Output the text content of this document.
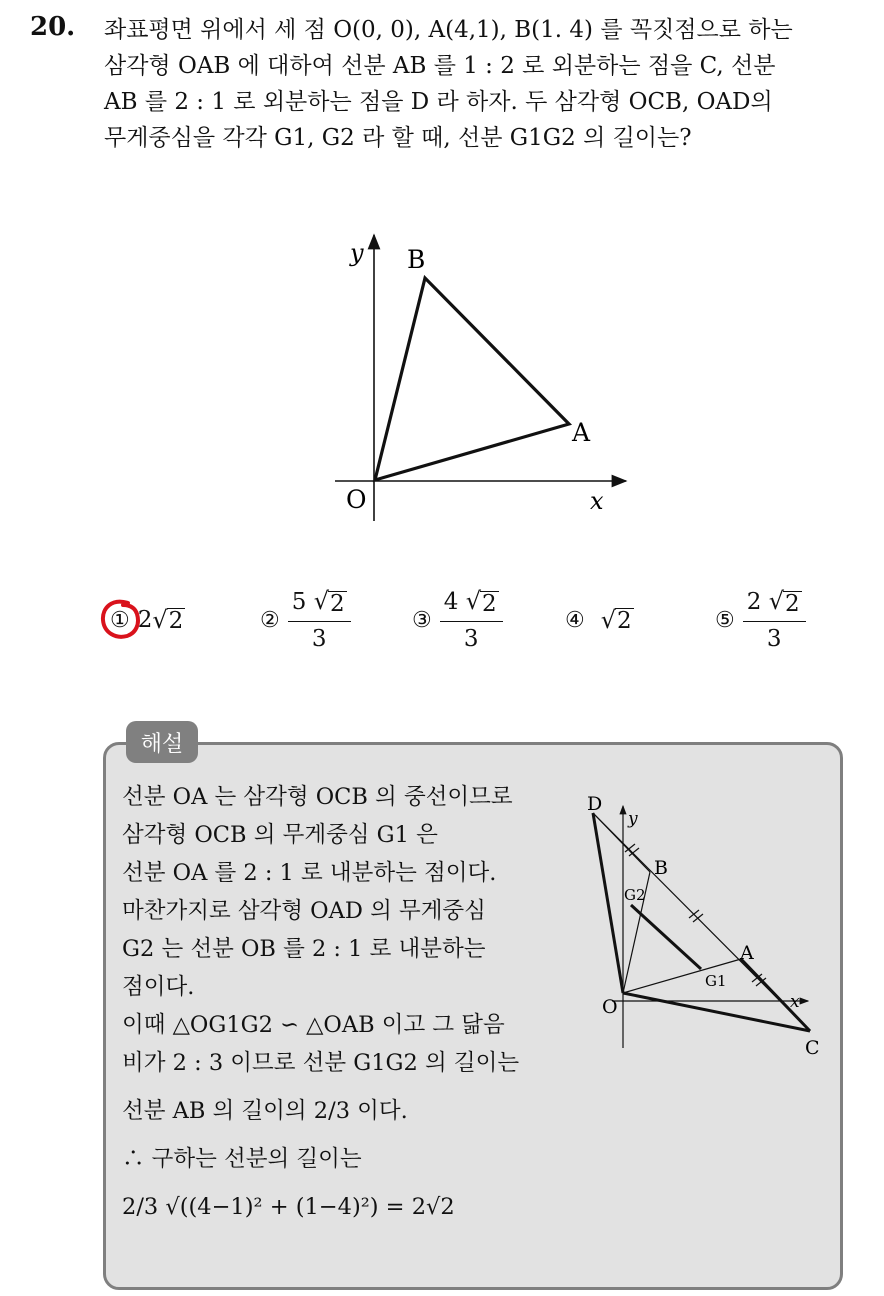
20. 좌표평면 위에서 세 점 O(0, 0), A(4,1), B(1. 4) 를 꼭짓점으로 하는
삼각형 OAB 에 대하여 선분 AB 를 1 : 2 로 외분하는 점을 C, 선분
AB 를 2 : 1 로 외분하는 점을 D 라 하자. 두 삼각형 OCB, OAD의
무게중심을 각각 G1, G2 라 할 때, 선분 G1G2 의 길이는?
y
x
O
A
B
① 2 √ 2	② $\frac{5 √ 2}{3}$	③ $\frac{4 √ 2}{3}$	④ √ 2	⑤ $\frac{2 √ 2}{3}$
해설
선분 OA 는 삼각형 OCB 의 중선이므로
삼각형 OCB 의 무게중심 G1 은
선분 OA 를 2 : 1 로 내분하는 점이다.
마찬가지로 삼각형 OAD 의 무게중심
G2 는 선분 OB 를 2 : 1 로 내분하는
점이다.
이때 △OG1G2 ∽ △OAB 이고 그 닮음
비가 2 : 3 이므로 선분 G1G2 의 길이는
선분 AB 의 길이의 2/3 이다.
∴ 구하는 선분의 길이는
2/3 √((4−1)² + (1−4)²) = 2√2
D
y
B
G2
A
G1
O	x
C
